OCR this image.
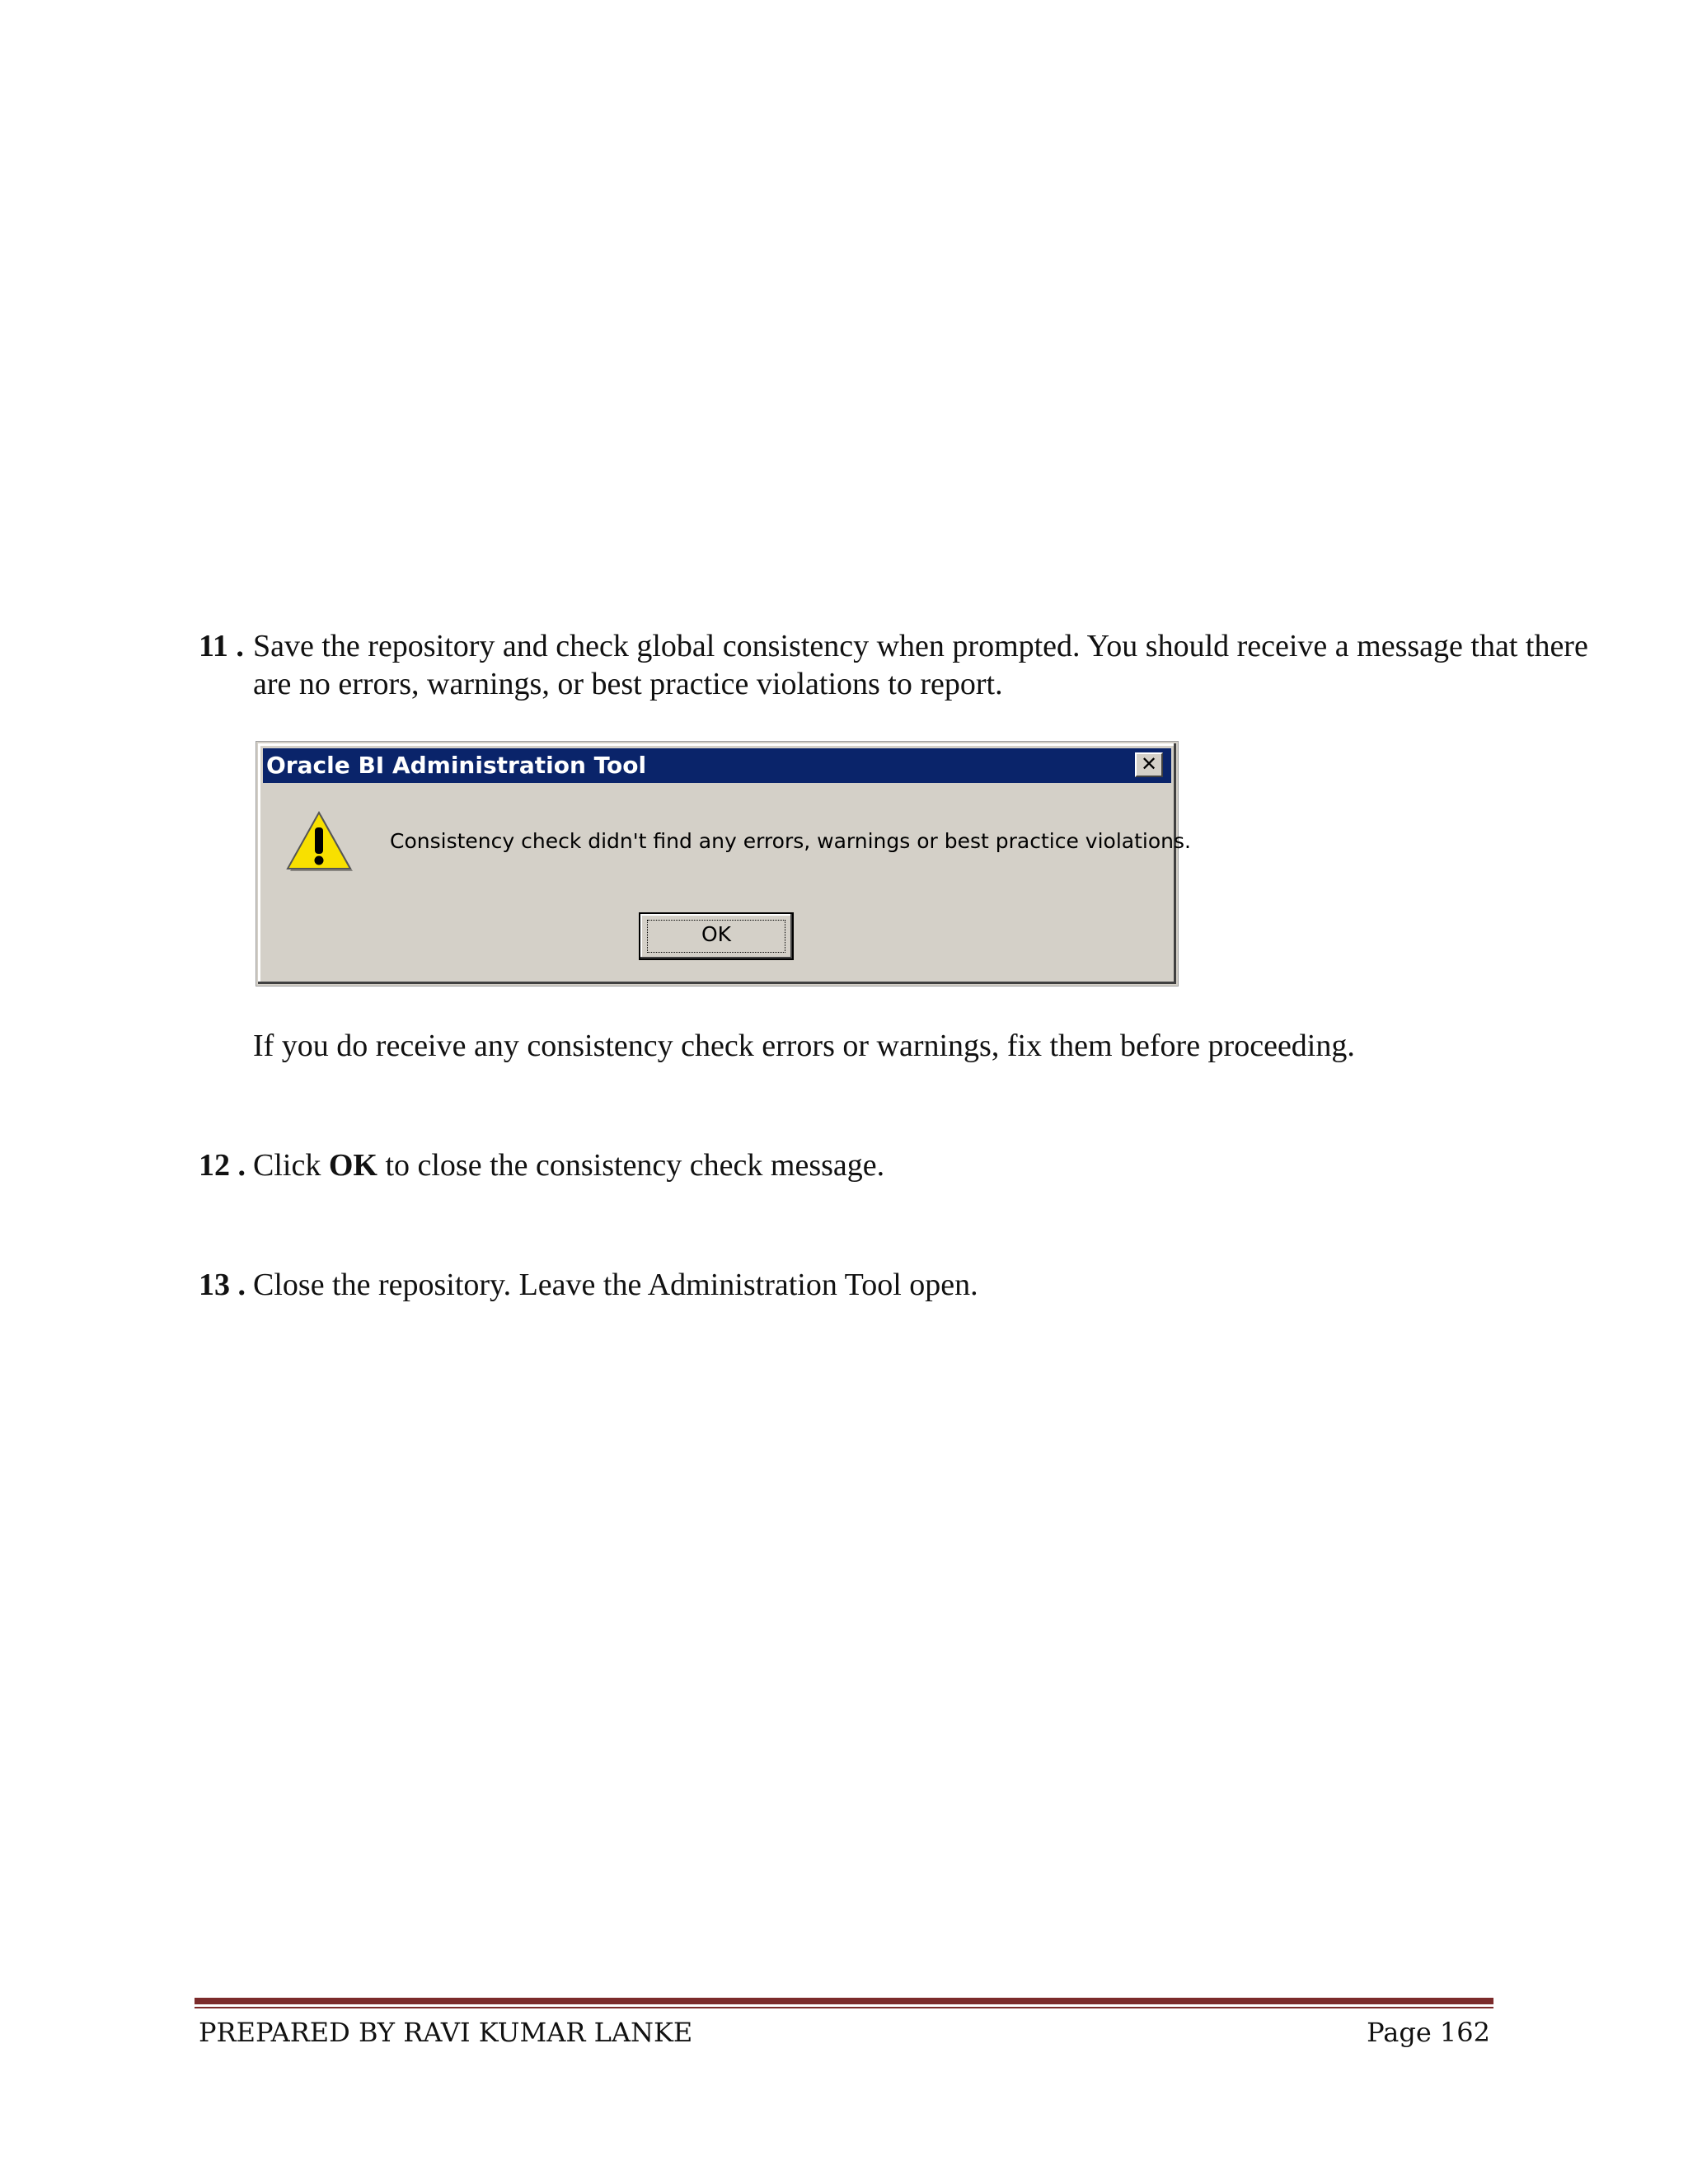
11 . Save the repository and check global consistency when prompted. You should receive a message that there are no errors, warnings, or best practice violations to report.
Oracle BI Administration Tool	✕
Consistency check didn't find any errors, warnings or best practice violations.
OK
If you do receive any consistency check errors or warnings, fix them before proceeding.
12 . Click OK to close the consistency check message.
13 . Close the repository. Leave the Administration Tool open.
PREPARED BY RAVI KUMAR LANKE	Page 162
